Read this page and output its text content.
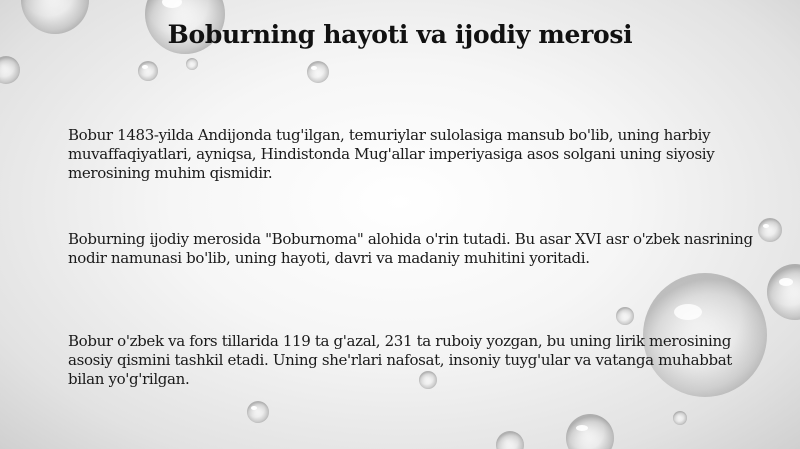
Boburning hayoti va ijodiy merosi

Bobur 1483-yilda Andijonda tug'ilgan, temuriylar sulolasiga mansub bo'lib, uning harbiy muvaffaqiyatlari, ayniqsa, Hindistonda Mug'allar imperiyasiga asos solgani uning siyosiy merosining muhim qismidir.

Boburning ijodiy merosida "Boburnoma" alohida o'rin tutadi. Bu asar XVI asr o'zbek nasrining nodir namunasi bo'lib, uning hayoti, davri va madaniy muhitini yoritadi.

Bobur o'zbek va fors tillarida 119 ta g'azal, 231 ta ruboiy yozgan, bu uning lirik merosining asosiy qismini tashkil etadi. Uning she'rlari nafosat, insoniy tuyg'ular va vatanga muhabbat bilan yo'g'rilgan.
